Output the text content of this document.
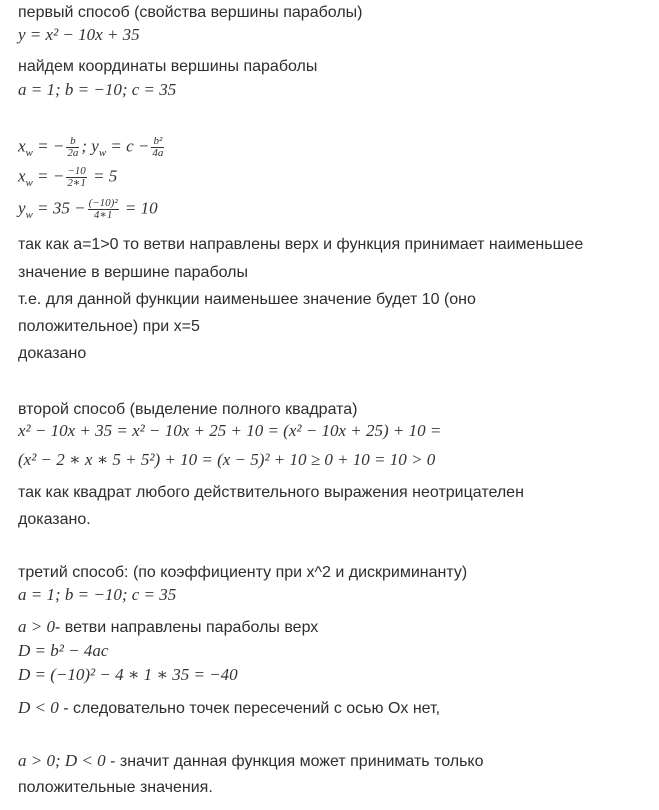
первый способ (свойства вершины параболы)
y = x² − 10x + 35
найдем координаты вершины параболы
a = 1; b = −10; c = 35
$x_w$ = − $\frac{b}{2a}$ ; $y_w = c - \frac{\text{b²}}{4a}$
$x_w$ = − $\frac{-10}{2∗1} = 5$
$y_w = 35 - \frac{\text{(−10)²}}{4∗1} = 10$
так как a=1>0 то ветви направлены верх и функция принимает наименьшее
значение в вершине параболы
т.е. для данной функции наименьшее значение будет 10 (оно
положительное) при x=5
доказано
второй способ (выделение полного квадрата)
x² − 10x + 35 = x² − 10x + 25 + 10 = (x² − 10x + 25) + 10 =
(x² − 2 ∗ x ∗ 5 + 5²) + 10 = (x − 5)² + 10 ≥ 0 + 10 = 10 > 0
так как квадрат любого действительного выражения неотрицателен
доказано.
третий способ: (по коэффициенту при x^2 и дискриминанту)
a = 1; b = −10; c = 35
a > 0- ветви направлены параболы верх
D = b² − 4ac
D = (−10)² − 4 ∗ 1 ∗ 35 = −40
D < 0 - следовательно точек пересечений с осью Ox нет,
a > 0; D < 0 - значит данная функция может принимать только
положительные значения.
